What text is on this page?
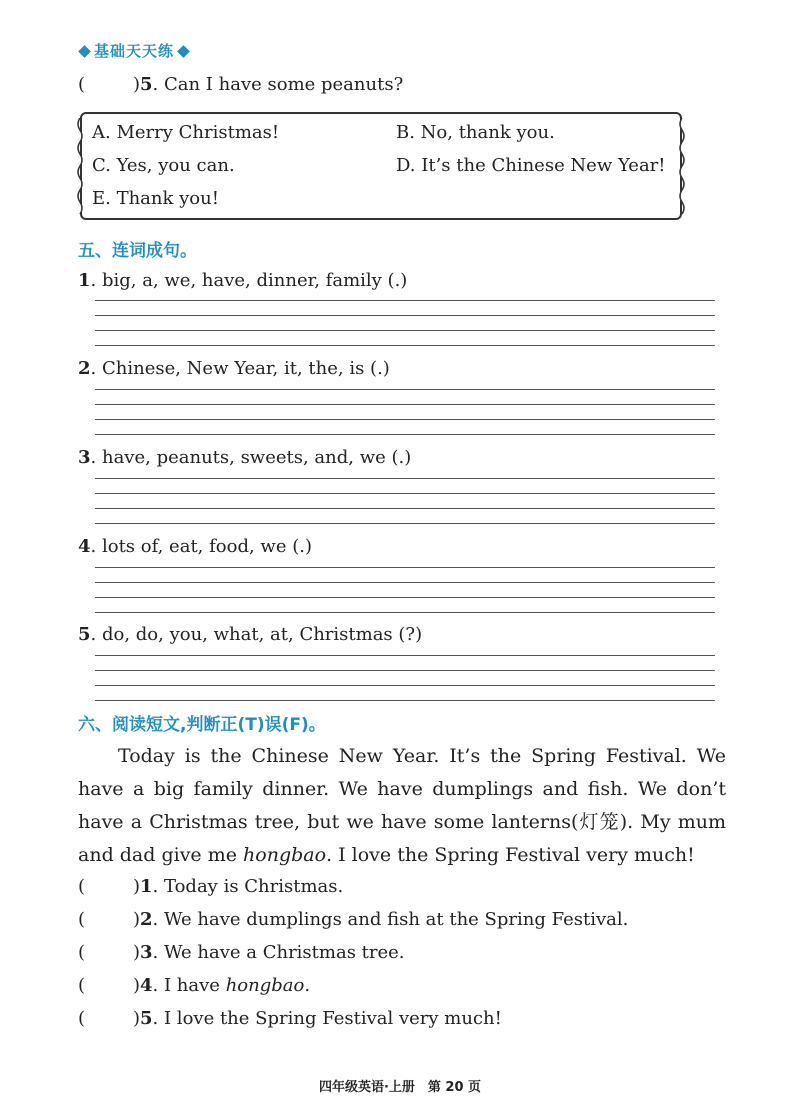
基础天天练
(	) 5. Can I have some peanuts?
A. Merry Christmas!	B. No, thank you.
C. Yes, you can.	D. It’s the Chinese New Year!
E. Thank you!
五、连词成句。
1. big, a, we, have, dinner, family (.)
2. Chinese, New Year, it, the, is (.)
3. have, peanuts, sweets, and, we (.)
4. lots of, eat, food, we (.)
5. do, do, you, what, at, Christmas (?)
六、阅读短文,判断正(T)误(F)。
Today is the Chinese New Year. It’s the Spring Festival. We have a big family dinner. We have dumplings and fish. We don’t have a Christmas tree, but we have some lanterns(灯笼). My mum and dad give me hongbao. I love the Spring Festival very much!
(	) 1. Today is Christmas.
(	) 2. We have dumplings and fish at the Spring Festival.
(	) 3. We have a Christmas tree.
(	) 4. I have hongbao.
(	) 5. I love the Spring Festival very much!
四年级英语·上册　第 20 页
